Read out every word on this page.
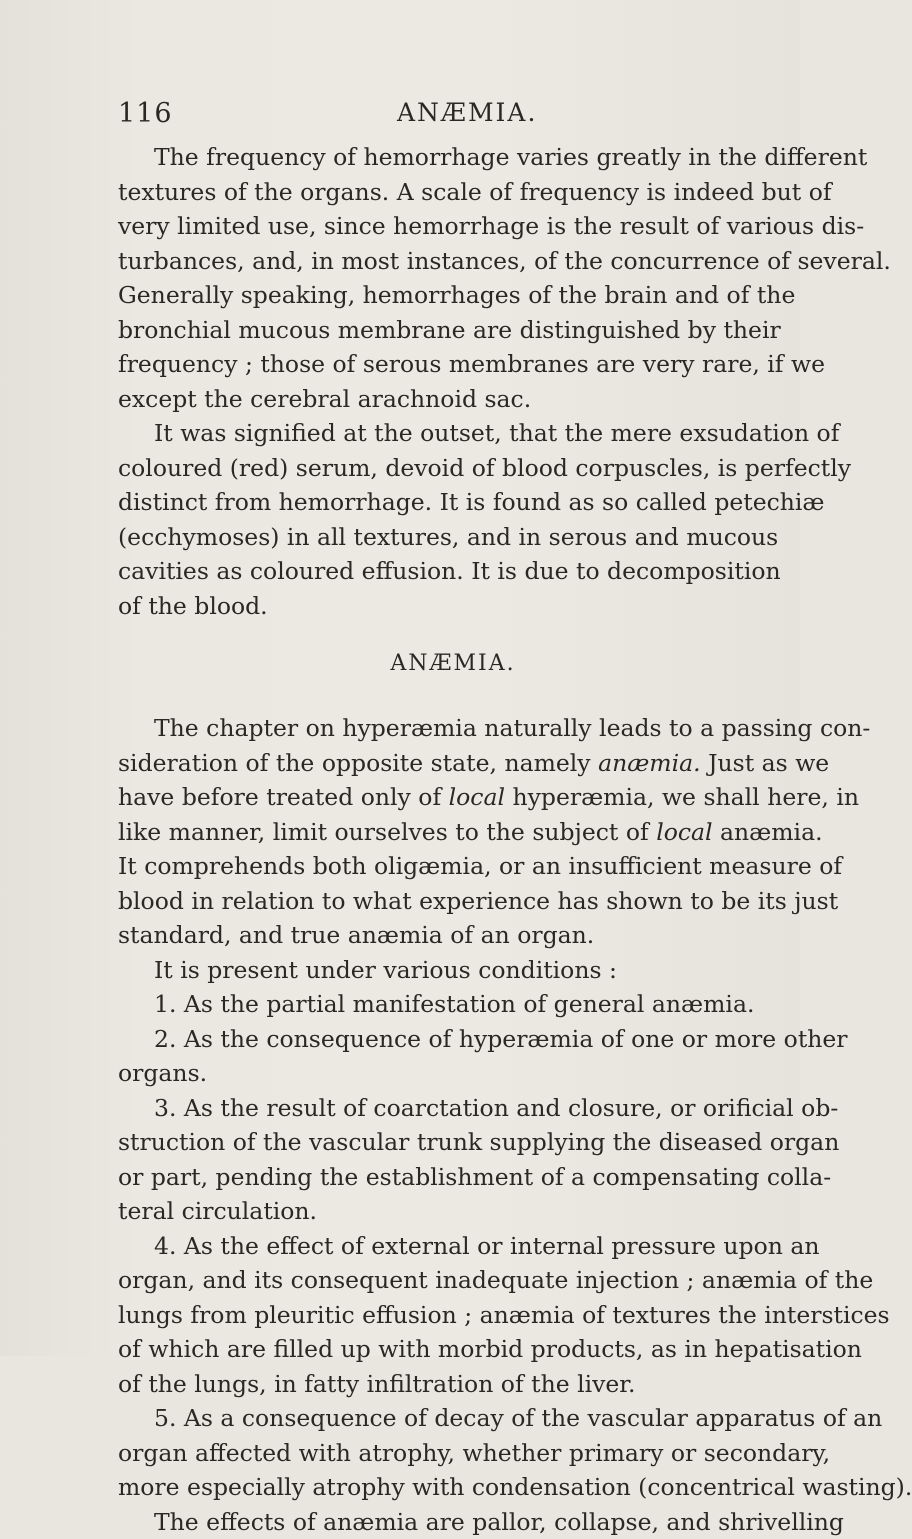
116	ANÆMIA.
The frequency of hemorrhage varies greatly in the different
textures of the organs. A scale of frequency is indeed but of
very limited use, since hemorrhage is the result of various dis-
turbances, and, in most instances, of the concurrence of several.
Generally speaking, hemorrhages of the brain and of the
bronchial mucous membrane are distinguished by their
frequency ; those of serous membranes are very rare, if we
except the cerebral arachnoid sac.
It was signified at the outset, that the mere exsudation of
coloured (red) serum, devoid of blood corpuscles, is perfectly
distinct from hemorrhage. It is found as so called petechiæ
(ecchymoses) in all textures, and in serous and mucous
cavities as coloured effusion. It is due to decomposition
of the blood.
ANÆMIA.
The chapter on hyperæmia naturally leads to a passing con-
sideration of the opposite state, namely anæmia. Just as we
have before treated only of local hyperæmia, we shall here, in
like manner, limit ourselves to the subject of local anæmia.
It comprehends both oligæmia, or an insufficient measure of
blood in relation to what experience has shown to be its just
standard, and true anæmia of an organ.
It is present under various conditions :
1. As the partial manifestation of general anæmia.
2. As the consequence of hyperæmia of one or more other
organs.
3. As the result of coarctation and closure, or orificial ob-
struction of the vascular trunk supplying the diseased organ
or part, pending the establishment of a compensating colla-
teral circulation.
4. As the effect of external or internal pressure upon an
organ, and its consequent inadequate injection ; anæmia of the
lungs from pleuritic effusion ; anæmia of textures the interstices
of which are filled up with morbid products, as in hepatisation
of the lungs, in fatty infiltration of the liver.
5. As a consequence of decay of the vascular apparatus of an
organ affected with atrophy, whether primary or secondary,
more especially atrophy with condensation (concentrical wasting).
The effects of anæmia are pallor, collapse, and shrivelling
